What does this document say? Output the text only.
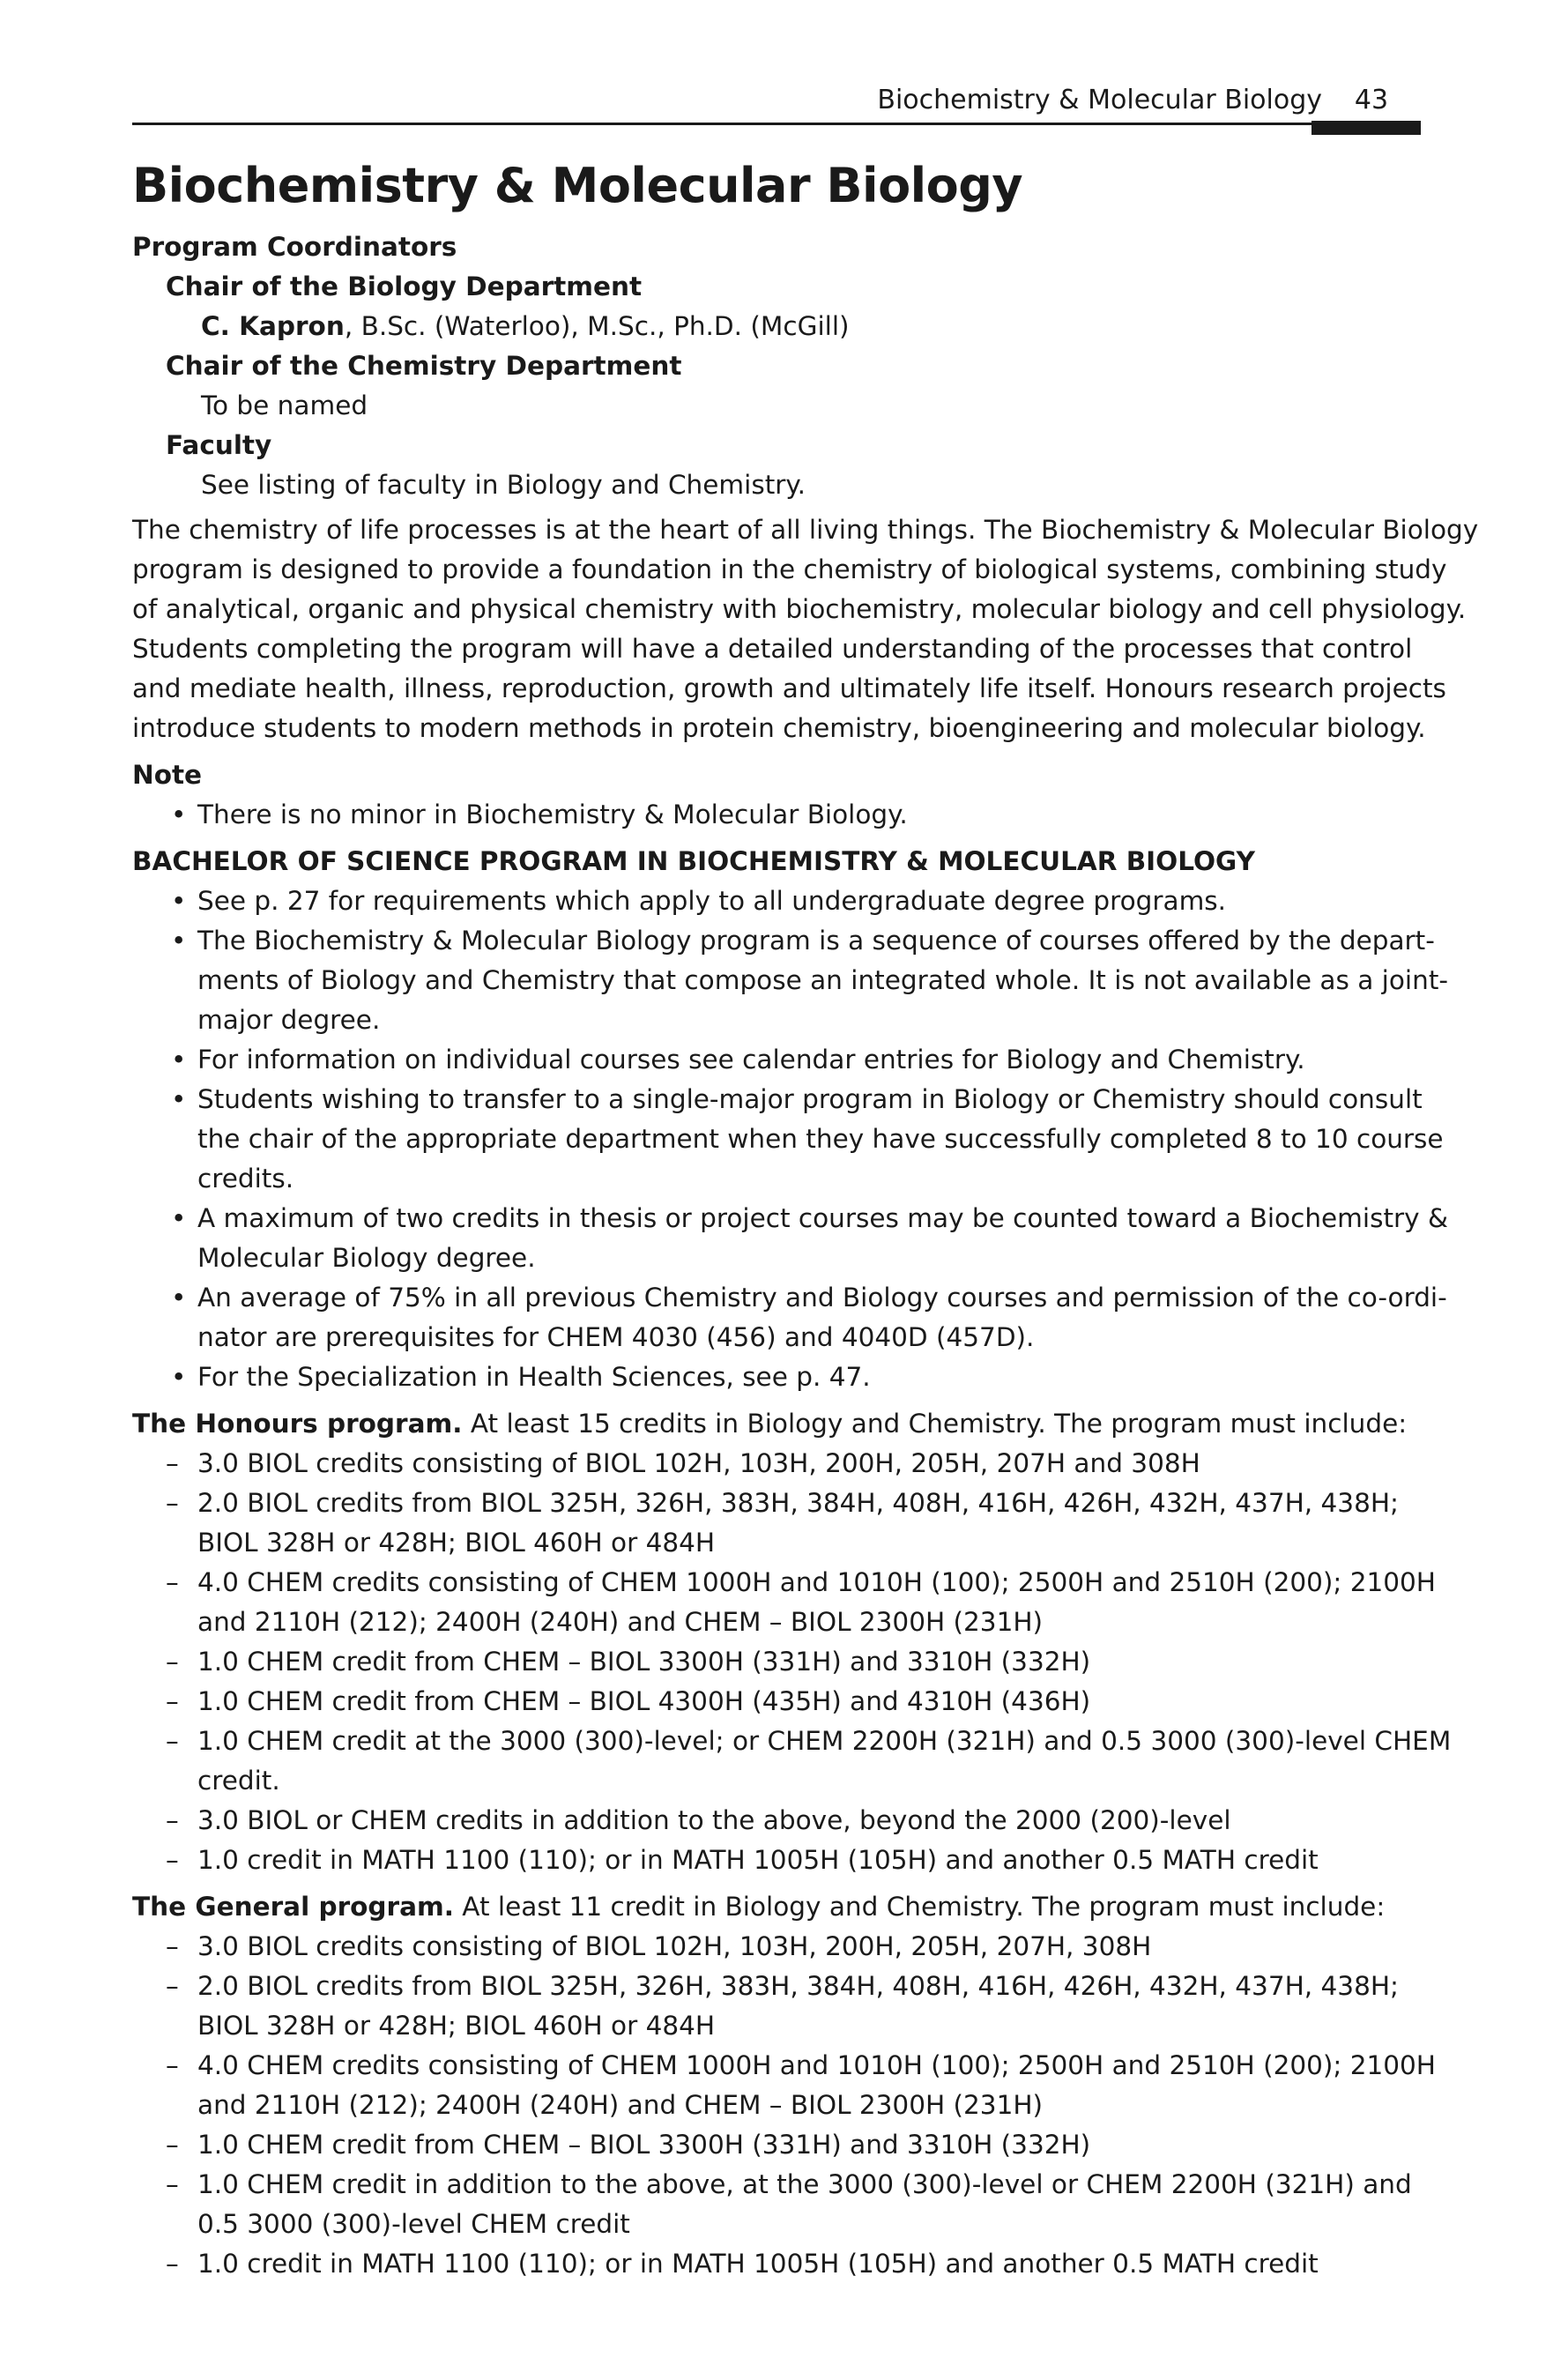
Biochemistry & Molecular Biology	43
Biochemistry & Molecular Biology
Program Coordinators
Chair of the Biology Department
C. Kapron, B.Sc. (Waterloo), M.Sc., Ph.D. (McGill)
Chair of the Chemistry Department
To be named
Faculty
See listing of faculty in Biology and Chemistry.
The chemistry of life processes is at the heart of all living things. The Biochemistry & Molecular Biology
program is designed to provide a foundation in the chemistry of biological systems, combining study
of analytical, organic and physical chemistry with biochemistry, molecular biology and cell physiology.
Students completing the program will have a detailed understanding of the processes that control
and mediate health, illness, reproduction, growth and ultimately life itself. Honours research projects
introduce students to modern methods in protein chemistry, bioengineering and molecular biology.
Note
• There is no minor in Biochemistry & Molecular Biology.
BACHELOR OF SCIENCE PROGRAM IN BIOCHEMISTRY & MOLECULAR BIOLOGY
• See p. 27 for requirements which apply to all undergraduate degree programs.
• The Biochemistry & Molecular Biology program is a sequence of courses offered by the depart-
ments of Biology and Chemistry that compose an integrated whole. It is not available as a joint-
major degree.
• For information on individual courses see calendar entries for Biology and Chemistry.
• Students wishing to transfer to a single-major program in Biology or Chemistry should consult
the chair of the appropriate department when they have successfully completed 8 to 10 course
credits.
• A maximum of two credits in thesis or project courses may be counted toward a Biochemistry &
Molecular Biology degree.
• An average of 75% in all previous Chemistry and Biology courses and permission of the co-ordi-
nator are prerequisites for CHEM 4030 (456) and 4040D (457D).
• For the Specialization in Health Sciences, see p. 47.
The Honours program. At least 15 credits in Biology and Chemistry. The program must include:
– 3.0 BIOL credits consisting of BIOL 102H, 103H, 200H, 205H, 207H and 308H
– 2.0 BIOL credits from BIOL 325H, 326H, 383H, 384H, 408H, 416H, 426H, 432H, 437H, 438H;
BIOL 328H or 428H; BIOL 460H or 484H
– 4.0 CHEM credits consisting of CHEM 1000H and 1010H (100); 2500H and 2510H (200); 2100H
and 2110H (212); 2400H (240H) and CHEM – BIOL 2300H (231H)
– 1.0 CHEM credit from CHEM – BIOL 3300H (331H) and 3310H (332H)
– 1.0 CHEM credit from CHEM – BIOL 4300H (435H) and 4310H (436H)
– 1.0 CHEM credit at the 3000 (300)-level; or CHEM 2200H (321H) and 0.5 3000 (300)-level CHEM
credit.
– 3.0 BIOL or CHEM credits in addition to the above, beyond the 2000 (200)-level
– 1.0 credit in MATH 1100 (110); or in MATH 1005H (105H) and another 0.5 MATH credit
The General program. At least 11 credit in Biology and Chemistry. The program must include:
– 3.0 BIOL credits consisting of BIOL 102H, 103H, 200H, 205H, 207H, 308H
– 2.0 BIOL credits from BIOL 325H, 326H, 383H, 384H, 408H, 416H, 426H, 432H, 437H, 438H;
BIOL 328H or 428H; BIOL 460H or 484H
– 4.0 CHEM credits consisting of CHEM 1000H and 1010H (100); 2500H and 2510H (200); 2100H
and 2110H (212); 2400H (240H) and CHEM – BIOL 2300H (231H)
– 1.0 CHEM credit from CHEM – BIOL 3300H (331H) and 3310H (332H)
– 1.0 CHEM credit in addition to the above, at the 3000 (300)-level or CHEM 2200H (321H) and
0.5 3000 (300)-level CHEM credit
– 1.0 credit in MATH 1100 (110); or in MATH 1005H (105H) and another 0.5 MATH credit
